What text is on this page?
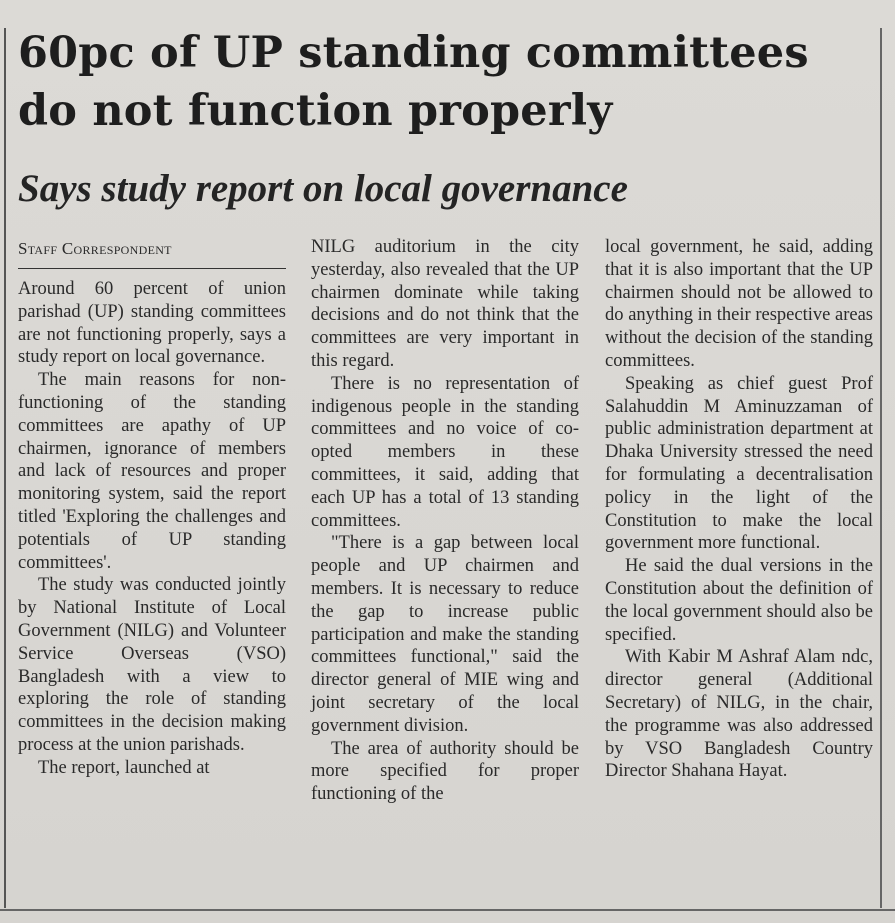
60pc of UP standing committees
do not function properly
Says study report on local governance
Staff Correspondent

Around 60 percent of union parishad (UP) standing committees are not functioning properly, says a study report on local governance.

The main reasons for non-functioning of the standing committees are apathy of UP chairmen, ignorance of members and lack of resources and proper monitoring system, said the report titled 'Exploring the challenges and potentials of UP standing committees'.

The study was conducted jointly by National Institute of Local Government (NILG) and Volunteer Service Overseas (VSO) Bangladesh with a view to exploring the role of standing committees in the decision making process at the union parishads.

The report, launched at

NILG auditorium in the city yesterday, also revealed that the UP chairmen dominate while taking decisions and do not think that the committees are very important in this regard.

There is no representation of indigenous people in the standing committees and no voice of co-opted members in these committees, it said, adding that each UP has a total of 13 standing committees.

"There is a gap between local people and UP chairmen and members. It is necessary to reduce the gap to increase public participation and make the standing committees functional," said the director general of MIE wing and joint secretary of the local government division.

The area of authority should be more specified for proper functioning of the

local government, he said, adding that it is also important that the UP chairmen should not be allowed to do anything in their respective areas without the decision of the standing committees.

Speaking as chief guest Prof Salahuddin M Aminuzzaman of public administration department at Dhaka University stressed the need for formulating a decentralisation policy in the light of the Constitution to make the local government more functional.

He said the dual versions in the Constitution about the definition of the local government should also be specified.

With Kabir M Ashraf Alam ndc, director general (Additional Secretary) of NILG, in the chair, the programme was also addressed by VSO Bangladesh Country Director Shahana Hayat.
